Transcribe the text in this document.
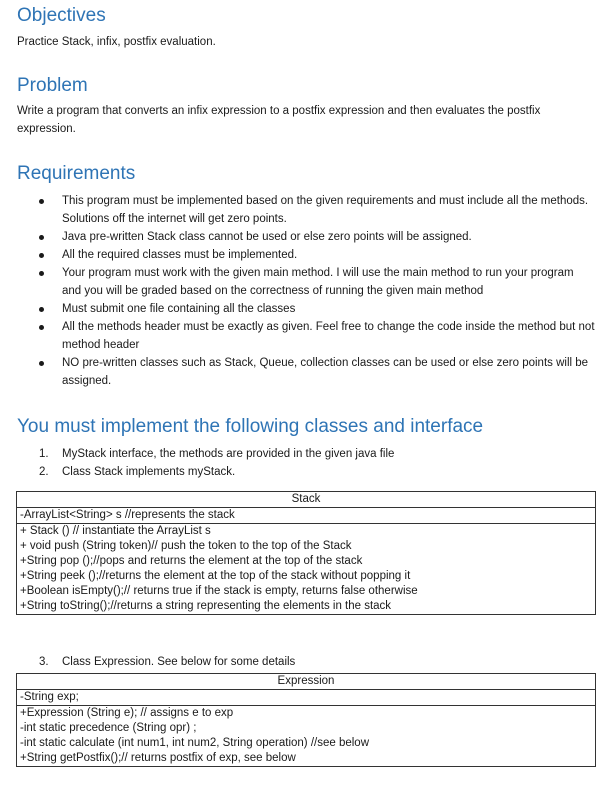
Objectives

Practice Stack, infix, postfix evaluation.

Problem

Write a program that converts an infix expression to a postfix expression and then evaluates the postfix expression.

Requirements
This program must be implemented based on the given requirements and must include all the methods. Solutions off the internet will get zero points.
Java pre-written Stack class cannot be used or else zero points will be assigned.
All the required classes must be implemented.
Your program must work with the given main method. I will use the main method to run your program and you will be graded based on the correctness of running the given main method
Must submit one file containing all the classes
All the methods header must be exactly as given. Feel free to change the code inside the method but not method header
NO pre-written classes such as Stack, Queue, collection classes can be used or else zero points will be assigned.
You must implement the following classes and interface
1. MyStack interface, the methods are provided in the given java file
2. Class Stack implements myStack.
Stack
-ArrayList<String> s //represents the stack
+ Stack () // instantiate the ArrayList s
+ void push (String token)// push the token to the top of the Stack
+String pop ();//pops and returns the element at the top of the stack
+String peek ();//returns the element at the top of the stack without popping it
+Boolean isEmpty();// returns true if the stack is empty, returns false otherwise
+String toString();//returns a string representing the elements in the stack
3. Class Expression. See below for some details
Expression
-String exp;
+Expression (String e); // assigns e to exp
-int static precedence (String opr) ;
-int static calculate (int num1, int num2, String operation) //see below
+String getPostfix();// returns postfix of exp, see below
